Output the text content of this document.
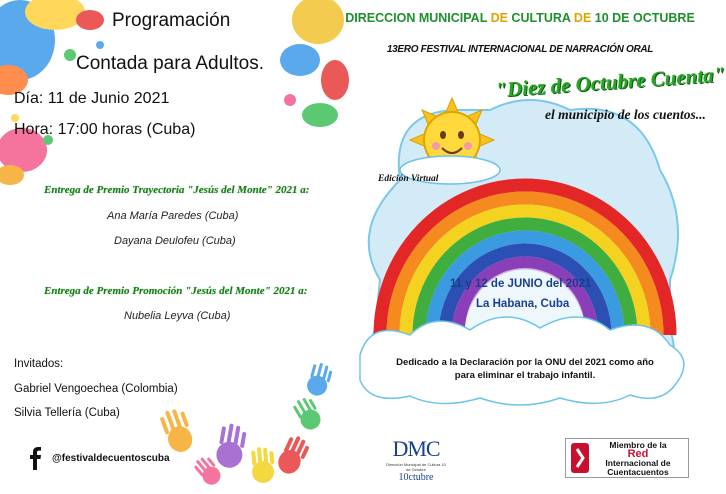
Programación
Contada para Adultos.
Día: 11 de Junio 2021
Hora: 17:00 horas (Cuba)
Entrega de Premio Trayectoria "Jesús del Monte" 2021 a:
Ana María Paredes (Cuba)
Dayana Deulofeu (Cuba)
Entrega de Premio Promoción "Jesús del Monte" 2021 a:
Nubelia Leyva (Cuba)
Invitados:
Gabriel Vengoechea (Colombia)
Silvia Tellería (Cuba)
@festivaldecuentoscuba
DIRECCION MUNICIPAL DE CULTURA DE 10 DE OCTUBRE
13ERO FESTIVAL INTERNACIONAL DE NARRACIÓN ORAL
"Diez de Octubre Cuenta"
el municipio de los cuentos...
Edición Virtual
11 y 12 de JUNIO del 2021
La Habana, Cuba
Dedicado a la Declaración por la ONU del 2021 como año para eliminar el trabajo infantil.
DMC
Dirección Municipal de Cultura 10 de Octubre
10ctubre
Miembro de la
Red
Internacional de
Cuentacuentos
